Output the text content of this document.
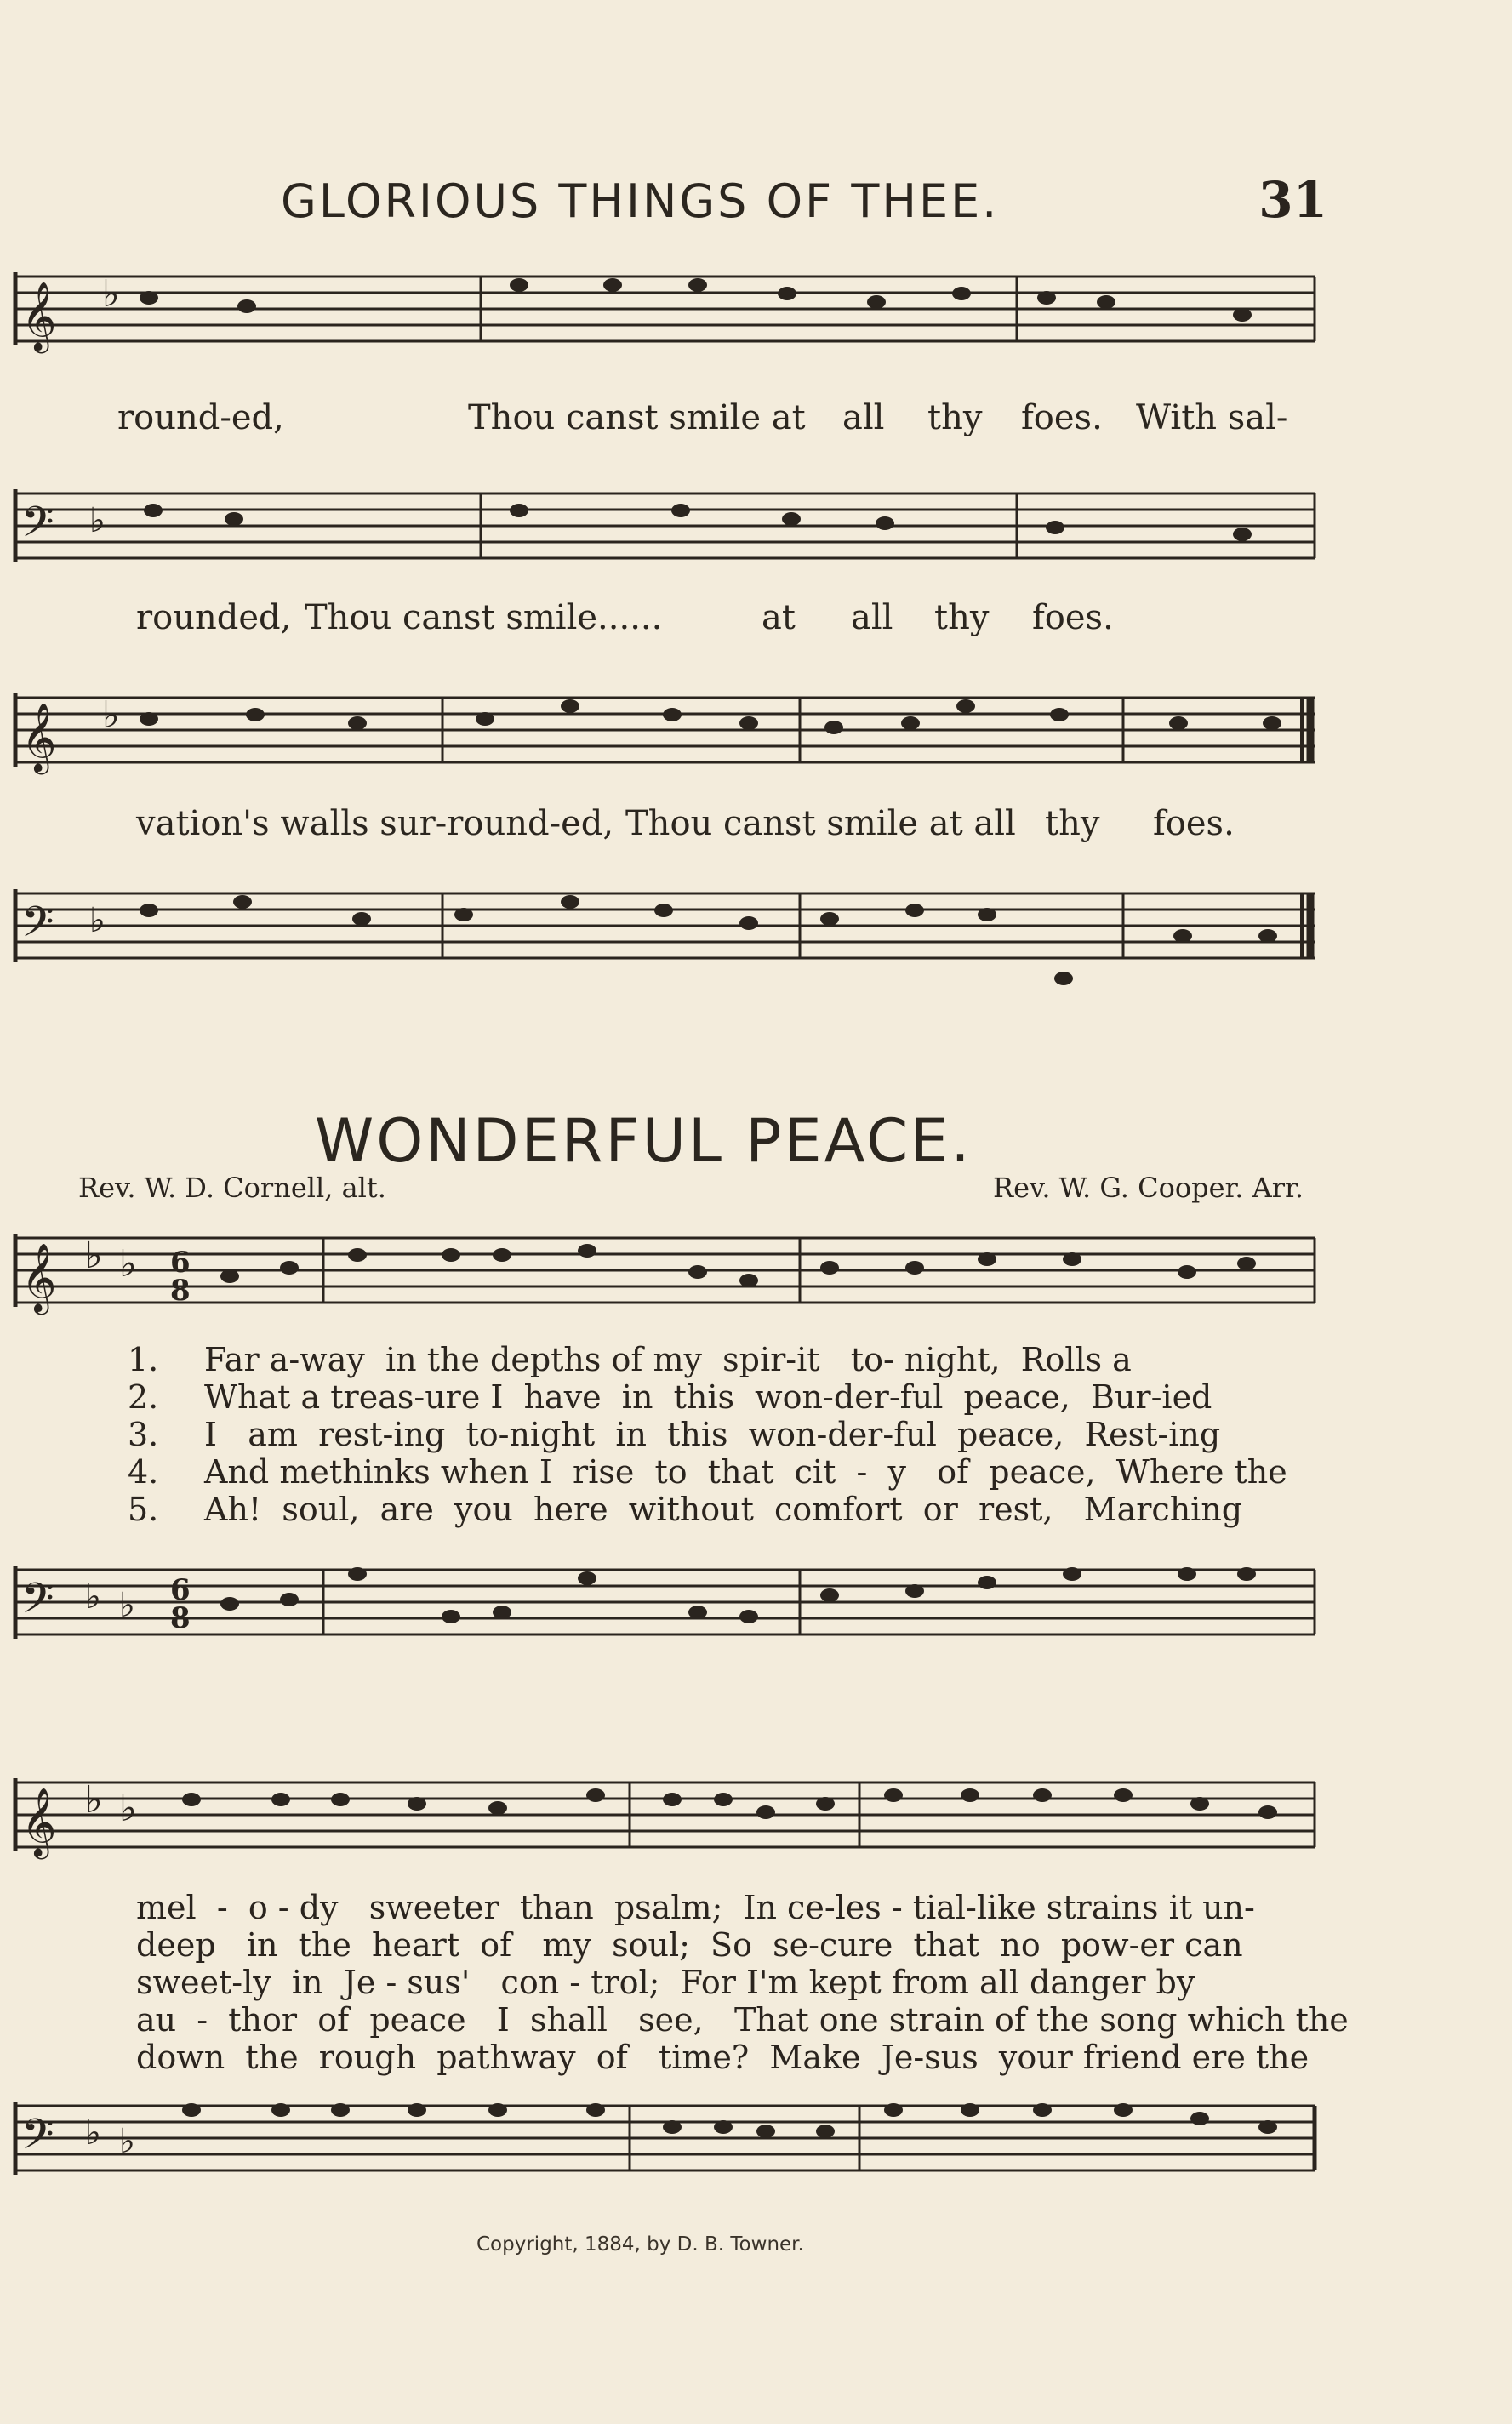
GLORIOUS THINGS OF THEE.	31
𝄞 ♭
round-ed,	Thou canst smile at all thy foes. With sal-
𝄢 ♭
rounded, Thou canst smile......	at all thy foes.
𝄞 ♭
vation's walls sur-round-ed, Thou canst smile at all thy foes.
𝄢 ♭
WONDERFUL PEACE.
Rev. W. D. Cornell, alt.	Rev. W. G. Cooper. Arr.
𝄞 ♭ ♭ 6
8
1. Far a-way  in the depths of my  spir-it   to- night,  Rolls a
2. What a treas-ure I  have  in  this  won-der-ful  peace,  Bur-ied
3. I   am  rest-ing  to-night  in  this  won-der-ful  peace,  Rest-ing
4. And methinks when I  rise  to  that  cit  -  y   of  peace,  Where the
5. Ah!  soul,  are  you  here  without  comfort  or  rest,   Marching
𝄢 ♭ ♭ 6
8
𝄞 ♭ ♭
mel  -  o - dy   sweeter  than  psalm;  In ce-les - tial-like strains it un-
deep   in  the  heart  of   my  soul;  So  se-cure  that  no  pow-er can
sweet-ly  in  Je - sus'   con - trol;  For I'm kept from all danger by
au  -  thor  of  peace   I  shall   see,   That one strain of the song which the
down  the  rough  pathway  of   time?  Make  Je-sus  your friend ere the
𝄢 ♭ ♭
Copyright, 1884, by D. B. Towner.
